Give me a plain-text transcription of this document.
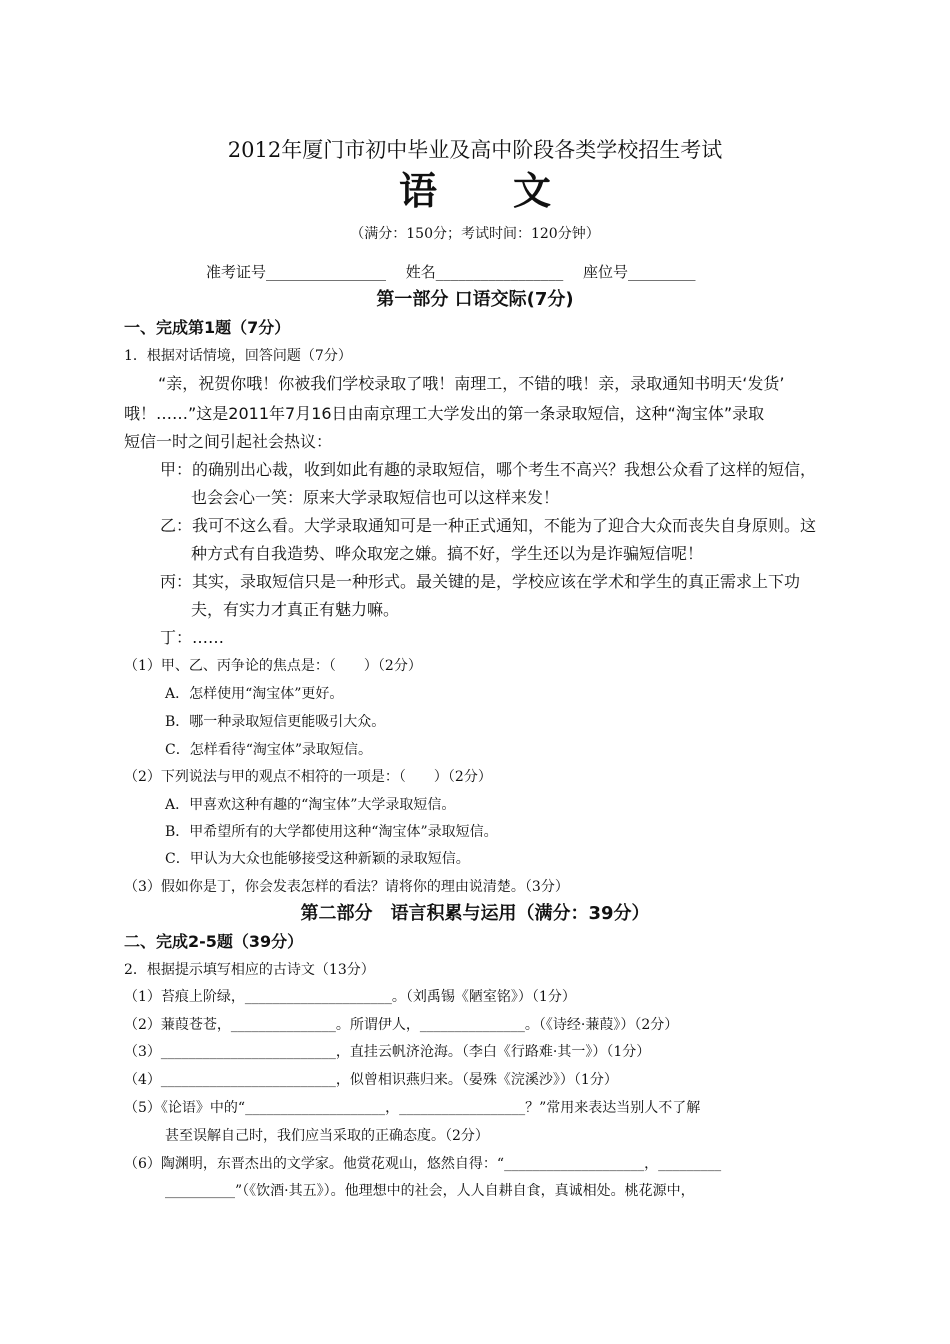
2012年厦门市初中毕业及高中阶段各类学校招生考试
语　　文
（满分：150分；考试时间：120分钟）
准考证号________________　 姓名_________________　 座位号_________
第一部分 口语交际(7分)
一、完成第1题（7分）
1．根据对话情境，回答问题（7分）
“亲，祝贺你哦！你被我们学校录取了哦！南理工，不错的哦！亲，录取通知书明天‘发货’
哦！……”这是2011年7月16日由南京理工大学发出的第一条录取短信，这种“淘宝体”录取
短信一时之间引起社会热议：
甲：的确别出心裁，收到如此有趣的录取短信，哪个考生不高兴？我想公众看了这样的短信，
也会会心一笑：原来大学录取短信也可以这样来发！
乙：我可不这么看。大学录取通知可是一种正式通知，不能为了迎合大众而丧失自身原则。这
种方式有自我造势、哗众取宠之嫌。搞不好，学生还以为是诈骗短信呢！
丙：其实，录取短信只是一种形式。最关键的是，学校应该在学术和学生的真正需求上下功
夫，有实力才真正有魅力嘛。
丁：……
（1）甲、乙、丙争论的焦点是：（　　）（2分）
A．怎样使用“淘宝体”更好。
B．哪一种录取短信更能吸引大众。
C．怎样看待“淘宝体”录取短信。
（2）下列说法与甲的观点不相符的一项是：（　　）（2分）
A．甲喜欢这种有趣的“淘宝体”大学录取短信。
B．甲希望所有的大学都使用这种“淘宝体”录取短信。
C．甲认为大众也能够接受这种新颖的录取短信。
（3）假如你是丁，你会发表怎样的看法？请将你的理由说清楚。（3分）
第二部分　语言积累与运用（满分：39分）
二、完成2-5题（39分）
2．根据提示填写相应的古诗文（13分）
（1）苔痕上阶绿，_____________________。（刘禹锡《陋室铭》）（1分）
（2）蒹葭苍苍，_______________。所谓伊人，_______________。（《诗经·蒹葭》）（2分）
（3）_________________________，直挂云帆济沧海。（李白《行路难·其一》）（1分）
（4）_________________________，似曾相识燕归来。（晏殊《浣溪沙》）（1分）
（5）《论语》中的“____________________，__________________？”常用来表达当别人不了解
甚至误解自己时，我们应当采取的正确态度。（2分）
（6）陶渊明，东晋杰出的文学家。他赏花观山，悠然自得：“____________________，_________
__________”（《饮酒·其五》）。他理想中的社会，人人自耕自食，真诚相处。桃花源中，
